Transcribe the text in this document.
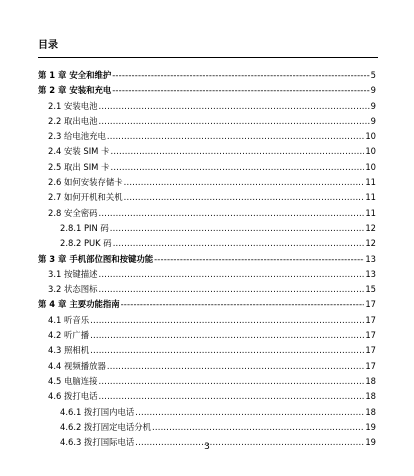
目录
第 1 章 安全和维护 -----	5
第 2 章 安装和充电 -----	9
2.1 安装电池 .....	9
2.2 取出电池 .....	9
2.3 给电池充电 .....	10
2.4 安装 SIM 卡 .....	10
2.5 取出 SIM 卡 .....	10
2.6 如何安装存储卡 .....	11
2.7 如何开机和关机 .....	11
2.8 安全密码 .....	11
2.8.1 PIN 码 .....	12
2.8.2 PUK 码 .....	12
第 3 章 手机部位图和按键功能 -----	13
3.1 按键描述 .....	13
3.2 状态图标 .....	15
第 4 章 主要功能指南 -----	17
4.1 听音乐 .....	17
4.2 听广播 .....	17
4.3 照相机 .....	17
4.4 视频播放器 .....	17
4.5 电脑连接 .....	18
4.6 拨打电话 .....	18
4.6.1 拨打国内电话 .....	18
4.6.2 拨打固定电话分机 .....	19
4.6.3 拨打国际电话 .....	19
3
